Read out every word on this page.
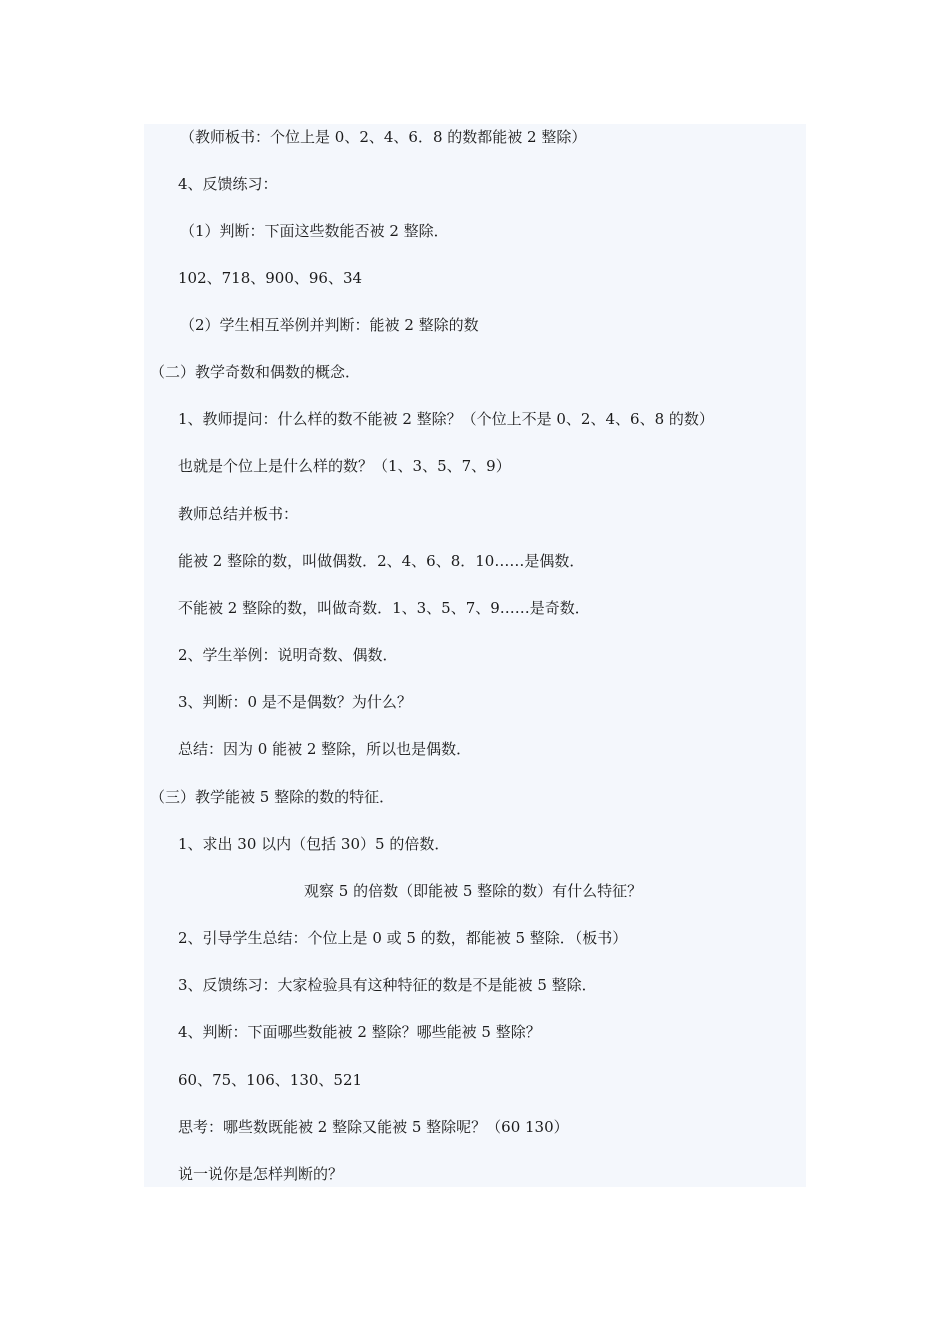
（教师板书：个位上是 0、2、4、6．8 的数都能被 2 整除）
4、反馈练习：
（1）判断：下面这些数能否被 2 整除．
102、718、900、96、34
（2）学生相互举例并判断：能被 2 整除的数
（二）教学奇数和偶数的概念．
1、教师提问：什么样的数不能被 2 整除？（个位上不是 0、2、4、6、8 的数）
也就是个位上是什么样的数？（1、3、5、7、9）
教师总结并板书：
能被 2 整除的数，叫做偶数．2、4、6、8．10……是偶数．
不能被 2 整除的数，叫做奇数．1、3、5、7、9……是奇数．
2、学生举例：说明奇数、偶数．
3、判断：0 是不是偶数？为什么？
总结：因为 0 能被 2 整除，所以也是偶数．
（三）教学能被 5 整除的数的特征．
1、求出 30 以内（包括 30）5 的倍数．
观察 5 的倍数（即能被 5 整除的数）有什么特征？
2、引导学生总结：个位上是 0 或 5 的数，都能被 5 整除．（板书）
3、反馈练习：大家检验具有这种特征的数是不是能被 5 整除．
4、判断：下面哪些数能被 2 整除？哪些能被 5 整除？
60、75、106、130、521
思考：哪些数既能被 2 整除又能被 5 整除呢？（60 130）
说一说你是怎样判断的？
